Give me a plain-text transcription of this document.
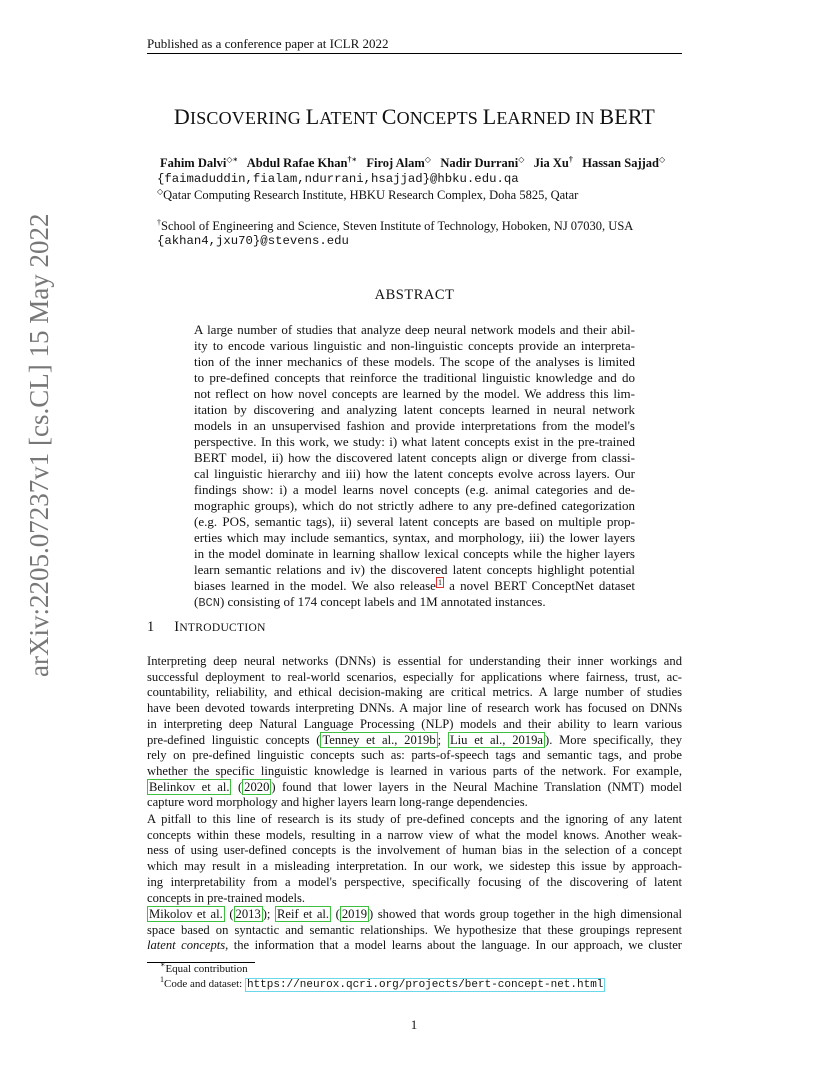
Published as a conference paper at ICLR 2022
arXiv:2205.07237v1 [cs.CL] 15 May 2022
DISCOVERING LATENT CONCEPTS LEARNED IN BERT
Fahim Dalvi◇∗ Abdul Rafae Khan†∗ Firoj Alam◇ Nadir Durrani◇ Jia Xu† Hassan Sajjad◇
{faimaduddin,fialam,ndurrani,hsajjad}@hbku.edu.qa
◇Qatar Computing Research Institute, HBKU Research Complex, Doha 5825, Qatar
†School of Engineering and Science, Steven Institute of Technology, Hoboken, NJ 07030, USA
{akhan4,jxu70}@stevens.edu
ABSTRACT
A large number of studies that analyze deep neural network models and their abil-
ity to encode various linguistic and non-linguistic concepts provide an interpreta-
tion of the inner mechanics of these models. The scope of the analyses is limited
to pre-defined concepts that reinforce the traditional linguistic knowledge and do
not reflect on how novel concepts are learned by the model. We address this lim-
itation by discovering and analyzing latent concepts learned in neural network
models in an unsupervised fashion and provide interpretations from the model's
perspective. In this work, we study: i) what latent concepts exist in the pre-trained
BERT model, ii) how the discovered latent concepts align or diverge from classi-
cal linguistic hierarchy and iii) how the latent concepts evolve across layers. Our
findings show: i) a model learns novel concepts (e.g. animal categories and de-
mographic groups), which do not strictly adhere to any pre-defined categorization
(e.g. POS, semantic tags), ii) several latent concepts are based on multiple prop-
erties which may include semantics, syntax, and morphology, iii) the lower layers
in the model dominate in learning shallow lexical concepts while the higher layers
learn semantic relations and iv) the discovered latent concepts highlight potential
biases learned in the model. We also release $^1$ a novel BERT ConceptNet dataset
(BCN) consisting of 174 concept labels and 1M annotated instances.
1 INTRODUCTION
Interpreting deep neural networks (DNNs) is essential for understanding their inner workings and
successful deployment to real-world scenarios, especially for applications where fairness, trust, ac-
countability, reliability, and ethical decision-making are critical metrics. A large number of studies
have been devoted towards interpreting DNNs. A major line of research work has focused on DNNs
in interpreting deep Natural Language Processing (NLP) models and their ability to learn various
pre-defined linguistic concepts ( Tenney et al., 2019b ; Liu et al., 2019a ). More specifically, they
rely on pre-defined linguistic concepts such as: parts-of-speech tags and semantic tags, and probe
whether the specific linguistic knowledge is learned in various parts of the network. For example,
Belinkov et al. ( 2020 ) found that lower layers in the Neural Machine Translation (NMT) model
capture word morphology and higher layers learn long-range dependencies.
A pitfall to this line of research is its study of pre-defined concepts and the ignoring of any latent
concepts within these models, resulting in a narrow view of what the model knows. Another weak-
ness of using user-defined concepts is the involvement of human bias in the selection of a concept
which may result in a misleading interpretation. In our work, we sidestep this issue by approach-
ing interpretability from a model's perspective, specifically focusing of the discovering of latent
concepts in pre-trained models.
Mikolov et al. ( 2013 ); Reif et al. ( 2019 ) showed that words group together in the high dimensional
space based on syntactic and semantic relationships. We hypothesize that these groupings represent
latent concepts, the information that a model learns about the language. In our approach, we cluster
∗Equal contribution
$^1$Code and dataset: https://neurox.qcri.org/projects/bert-concept-net.html
1
